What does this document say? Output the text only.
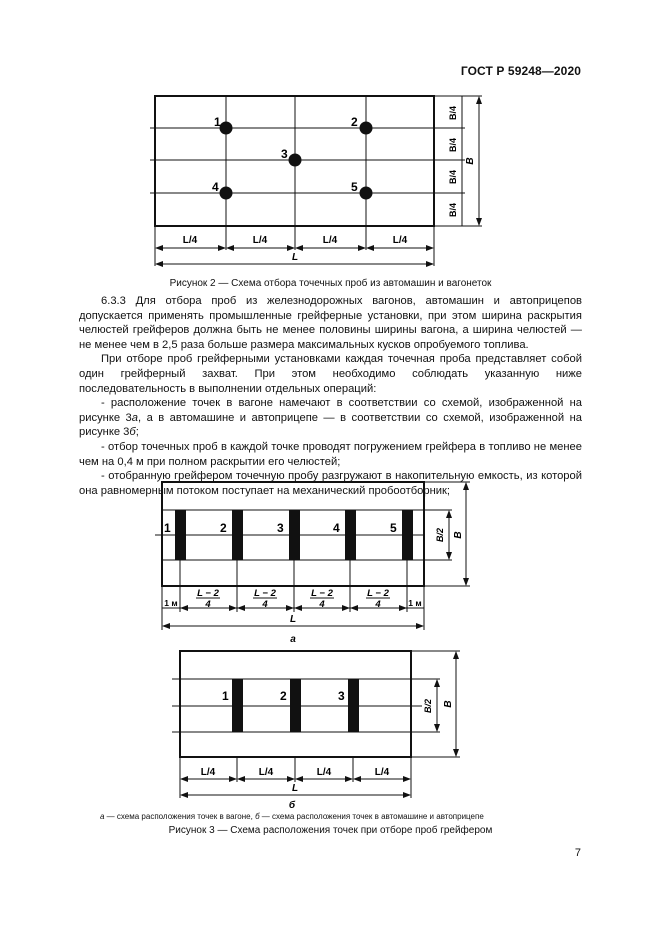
ГОСТ Р 59248—2020
1	2
3
4	5
B/4
B/4
B/4
B/4
B
L/4	L/4	L/4	L/4
L
Рисунок 2 — Схема отбора точечных проб из автомашин и вагонеток

6.3.3 Для отбора проб из железнодорожных вагонов, автомашин и автоприцепов допускается применять промышленные грейферные установки, при этом ширина раскрытия челюстей грейферов должна быть не менее половины ширины вагона, а ширина челюстей — не менее чем в 2,5 раза больше размера максимальных кусков опробуемого топлива.

При отборе проб грейферными установками каждая точечная проба представляет собой один грейферный захват. При этом необходимо соблюдать указанную ниже последовательность в выполнении отдельных операций:

- расположение точек в вагоне намечают в соответствии со схемой, изображенной на рисунке 3а, а в автомашине и автоприцепе — в соответствии со схемой, изображенной на рисунке 3б;

- отбор точечных проб в каждой точке проводят погружением грейфера в топливо не менее чем на 0,4 м при полном раскрытии его челюстей;

- отобранную грейфером точечную пробу разгружают в накопительную емкость, из которой она равномерным потоком поступает на механический пробоотборник;

1	2	3	4	5	B/2 B
1 м	1 м
L − 2
4
L − 2
4
L − 2
4
L − 2
4
L
а
1	2	3
B/2 B
L/4	L/4	L/4	L/4
L
б
а — схема расположения точек в вагоне, б — схема расположения точек в автомашине и автоприцепе
Рисунок 3 — Схема расположения точек при отборе проб грейфером
7
